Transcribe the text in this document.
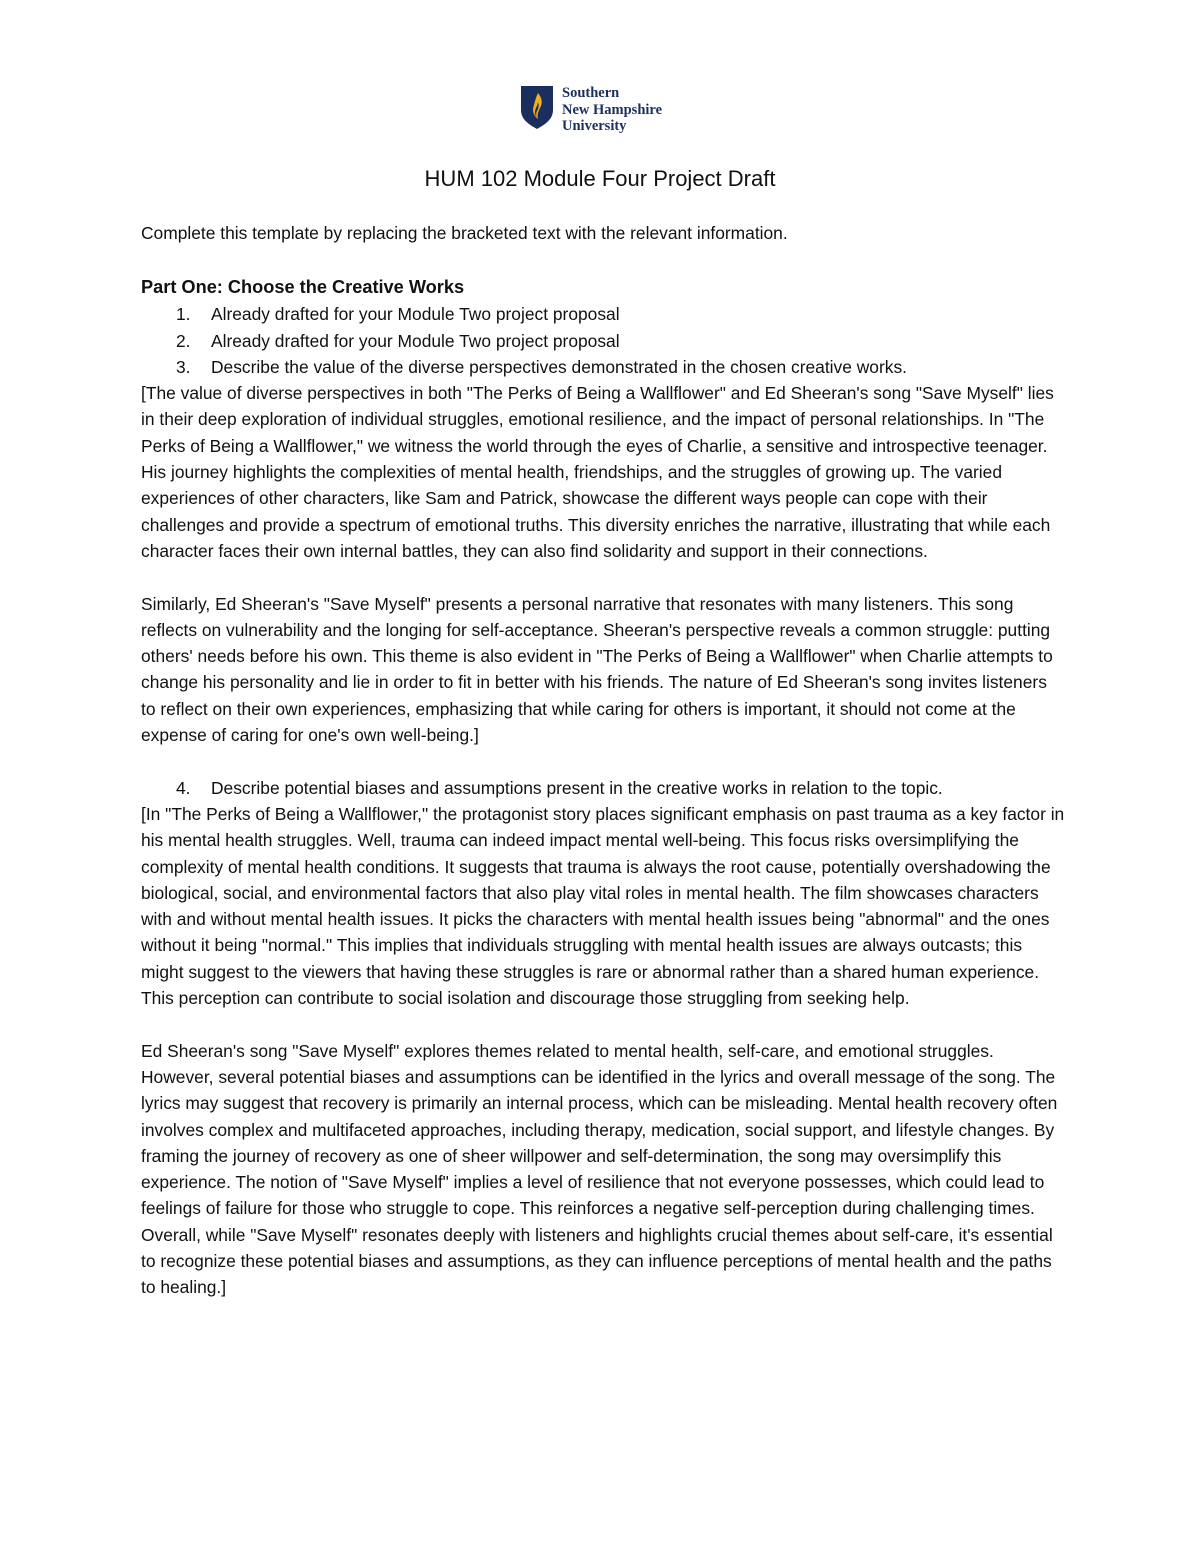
Southern
New Hampshire
University
HUM 102 Module Four Project Draft

Complete this template by replacing the bracketed text with the relevant information.

Part One: Choose the Creative Works

1. Already drafted for your Module Two project proposal
2. Already drafted for your Module Two project proposal
3. Describe the value of the diverse perspectives demonstrated in the chosen creative works.

[The value of diverse perspectives in both "The Perks of Being a Wallflower" and Ed Sheeran's song "Save Myself" lies in their deep exploration of individual struggles, emotional resilience, and the impact of personal relationships. In "The Perks of Being a Wallflower," we witness the world through the eyes of Charlie, a sensitive and introspective teenager. His journey highlights the complexities of mental health, friendships, and the struggles of growing up. The varied experiences of other characters, like Sam and Patrick, showcase the different ways people can cope with their challenges and provide a spectrum of emotional truths. This diversity enriches the narrative, illustrating that while each character faces their own internal battles, they can also find solidarity and support in their connections.

Similarly, Ed Sheeran's "Save Myself" presents a personal narrative that resonates with many listeners. This song reflects on vulnerability and the longing for self-acceptance. Sheeran's perspective reveals a common struggle: putting others' needs before his own. This theme is also evident in "The Perks of Being a Wallflower" when Charlie attempts to change his personality and lie in order to fit in better with his friends. The nature of Ed Sheeran's song invites listeners to reflect on their own experiences, emphasizing that while caring for others is important, it should not come at the expense of caring for one's own well-being.]

4. Describe potential biases and assumptions present in the creative works in relation to the topic.

[In "The Perks of Being a Wallflower," the protagonist story places significant emphasis on past trauma as a key factor in his mental health struggles. Well, trauma can indeed impact mental well-being. This focus risks oversimplifying the complexity of mental health conditions. It suggests that trauma is always the root cause, potentially overshadowing the biological, social, and environmental factors that also play vital roles in mental health. The film showcases characters with and without mental health issues. It picks the characters with mental health issues being "abnormal" and the ones without it being "normal." This implies that individuals struggling with mental health issues are always outcasts; this might suggest to the viewers that having these struggles is rare or abnormal rather than a shared human experience. This perception can contribute to social isolation and discourage those struggling from seeking help.

Ed Sheeran's song "Save Myself" explores themes related to mental health, self-care, and emotional struggles. However, several potential biases and assumptions can be identified in the lyrics and overall message of the song. The lyrics may suggest that recovery is primarily an internal process, which can be misleading. Mental health recovery often involves complex and multifaceted approaches, including therapy, medication, social support, and lifestyle changes. By framing the journey of recovery as one of sheer willpower and self-determination, the song may oversimplify this experience. The notion of "Save Myself" implies a level of resilience that not everyone possesses, which could lead to feelings of failure for those who struggle to cope. This reinforces a negative self-perception during challenging times. Overall, while "Save Myself" resonates deeply with listeners and highlights crucial themes about self-care, it's essential to recognize these potential biases and assumptions, as they can influence perceptions of mental health and the paths to healing.]
